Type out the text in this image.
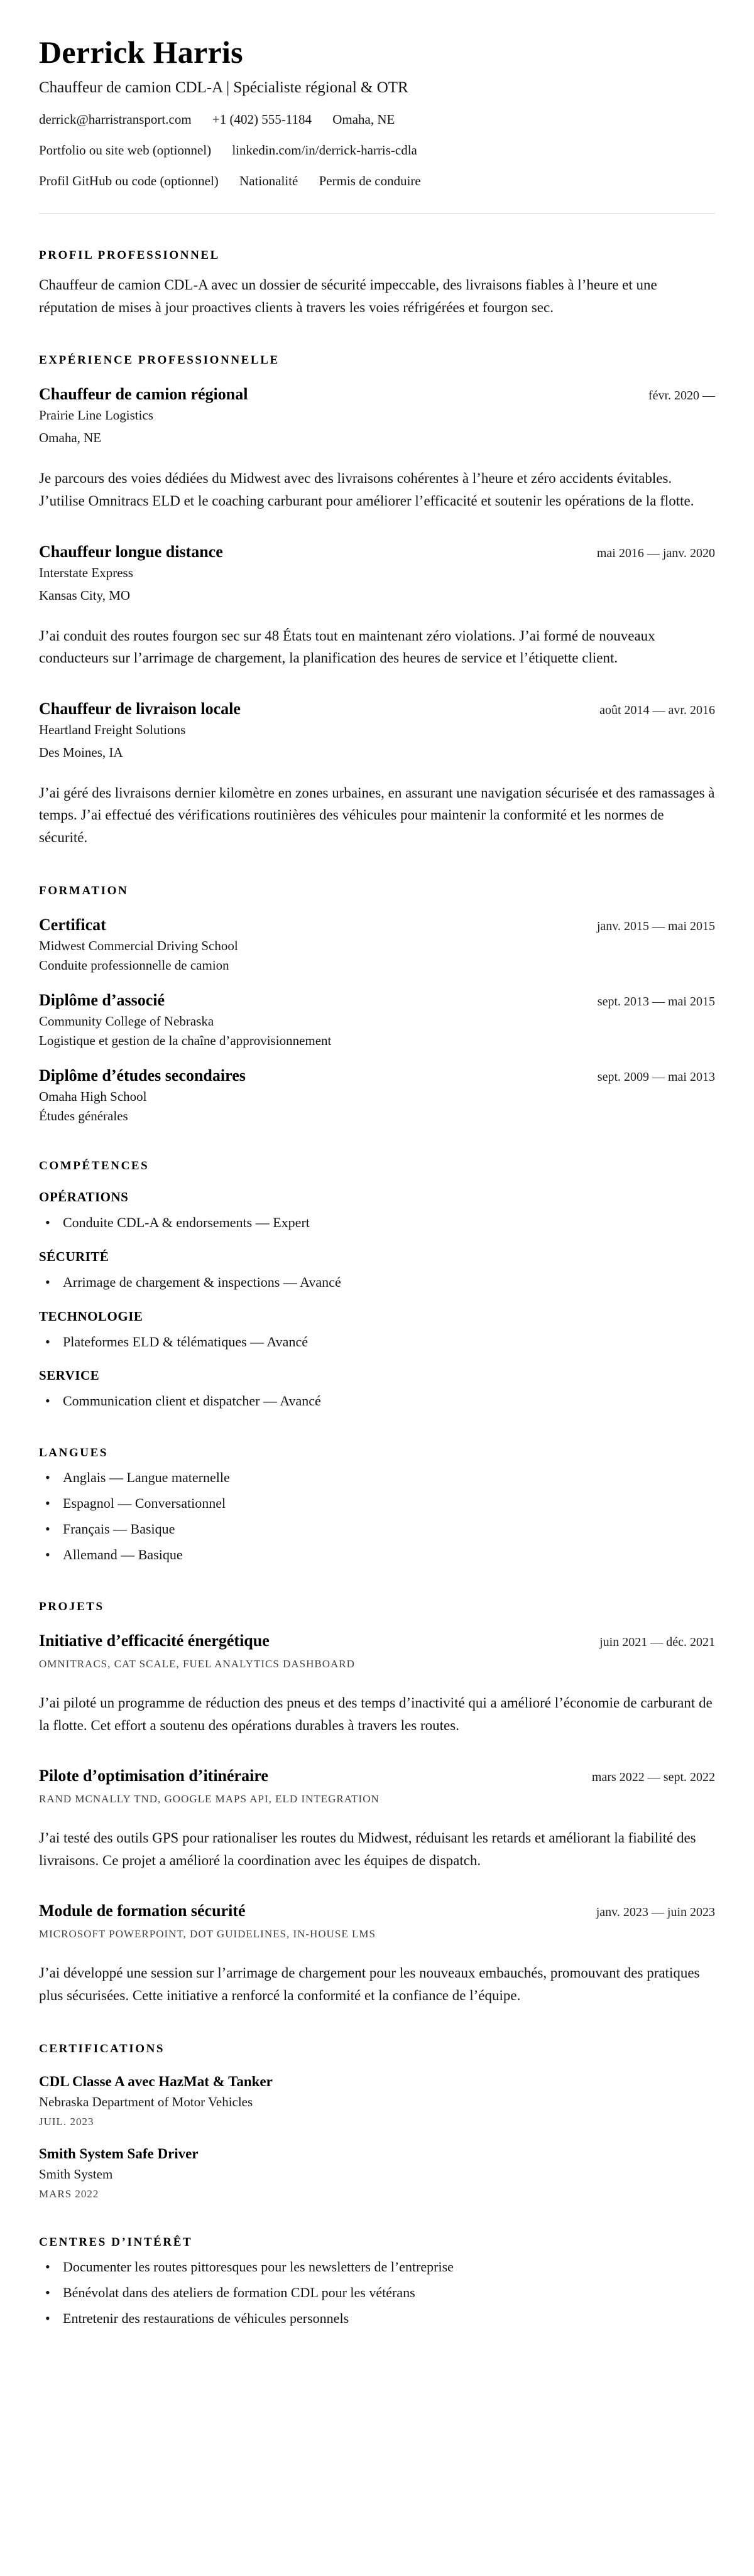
Derrick Harris
Chauffeur de camion CDL-A | Spécialiste régional & OTR
derrick@harristransport.com +1 (402) 555-1184 Omaha, NE
Portfolio ou site web (optionnel) linkedin.com/in/derrick-harris-cdla
Profil GitHub ou code (optionnel) Nationalité Permis de conduire
PROFIL PROFESSIONNEL

Chauffeur de camion CDL-A avec un dossier de sécurité impeccable, des livraisons fiables à l’heure et une réputation de mises à jour proactives clients à travers les voies réfrigérées et fourgon sec.

EXPÉRIENCE PROFESSIONNELLE
Chauffeur de camion régional	févr. 2020 —
Prairie Line Logistics
Omaha, NE

Je parcours des voies dédiées du Midwest avec des livraisons cohérentes à l’heure et zéro accidents évitables. J’utilise Omnitracs ELD et le coaching carburant pour améliorer l’efficacité et soutenir les opérations de la flotte.

Chauffeur longue distance	mai 2016 — janv. 2020
Interstate Express
Kansas City, MO

J’ai conduit des routes fourgon sec sur 48 États tout en maintenant zéro violations. J’ai formé de nouveaux conducteurs sur l’arrimage de chargement, la planification des heures de service et l’étiquette client.

Chauffeur de livraison locale	août 2014 — avr. 2016
Heartland Freight Solutions
Des Moines, IA

J’ai géré des livraisons dernier kilomètre en zones urbaines, en assurant une navigation sécurisée et des ramassages à temps. J’ai effectué des vérifications routinières des véhicules pour maintenir la conformité et les normes de sécurité.

FORMATION
Certificat	janv. 2015 — mai 2015
Midwest Commercial Driving School
Conduite professionnelle de camion
Diplôme d’associé	sept. 2013 — mai 2015
Community College of Nebraska
Logistique et gestion de la chaîne d’approvisionnement
Diplôme d’études secondaires	sept. 2009 — mai 2013
Omaha High School
Études générales
COMPÉTENCES
OPÉRATIONS
• Conduite CDL-A & endorsements — Expert
SÉCURITÉ
• Arrimage de chargement & inspections — Avancé
TECHNOLOGIE
• Plateformes ELD & télématiques — Avancé
SERVICE
• Communication client et dispatcher — Avancé
LANGUES
• Anglais — Langue maternelle
• Espagnol — Conversationnel
• Français — Basique
• Allemand — Basique
PROJETS
Initiative d’efficacité énergétique	juin 2021 — déc. 2021
OMNITRACS, CAT SCALE, FUEL ANALYTICS DASHBOARD

J’ai piloté un programme de réduction des pneus et des temps d’inactivité qui a amélioré l’économie de carburant de la flotte. Cet effort a soutenu des opérations durables à travers les routes.

Pilote d’optimisation d’itinéraire	mars 2022 — sept. 2022
RAND MCNALLY TND, GOOGLE MAPS API, ELD INTEGRATION

J’ai testé des outils GPS pour rationaliser les routes du Midwest, réduisant les retards et améliorant la fiabilité des livraisons. Ce projet a amélioré la coordination avec les équipes de dispatch.

Module de formation sécurité	janv. 2023 — juin 2023
MICROSOFT POWERPOINT, DOT GUIDELINES, IN-HOUSE LMS

J’ai développé une session sur l’arrimage de chargement pour les nouveaux embauchés, promouvant des pratiques plus sécurisées. Cette initiative a renforcé la conformité et la confiance de l’équipe.

CERTIFICATIONS
CDL Classe A avec HazMat & Tanker
Nebraska Department of Motor Vehicles
JUIL. 2023
Smith System Safe Driver
Smith System
MARS 2022
CENTRES D’INTÉRÊT
• Documenter les routes pittoresques pour les newsletters de l’entreprise
• Bénévolat dans des ateliers de formation CDL pour les vétérans
• Entretenir des restaurations de véhicules personnels
